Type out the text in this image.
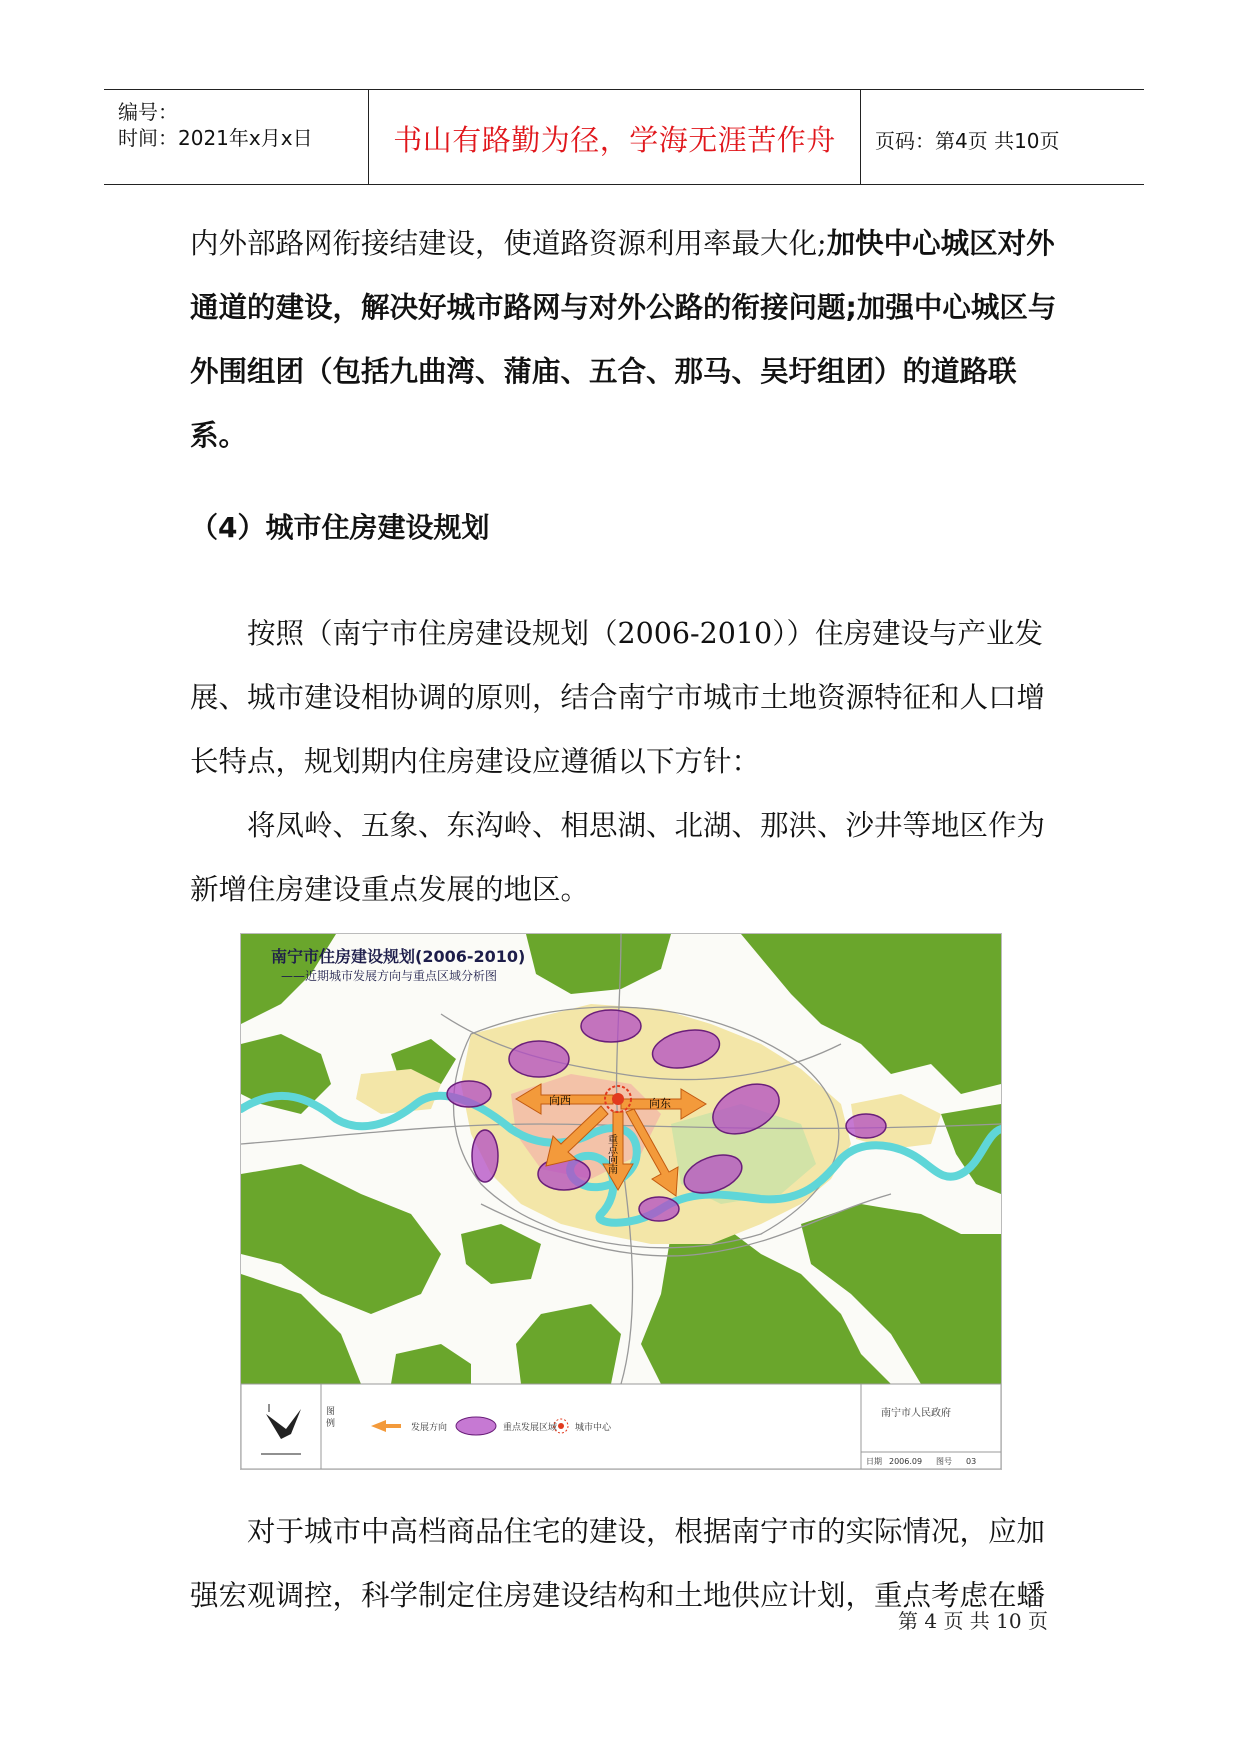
编号：
时间：2021年x月x日	书山有路勤为径，学海无涯苦作舟	页码：第4页 共10页

内外部路网衔接结建设，使道路资源利用率最大化;加快中心城区对外通道的建设，解决好城市路网与对外公路的衔接问题;加强中心城区与外围组团（包括九曲湾、蒲庙、五合、那马、吴圩组团）的道路联系。

（4）城市住房建设规划

按照（南宁市住房建设规划（2006-2010））住房建设与产业发展、城市建设相协调的原则，结合南宁市城市土地资源特征和人口增长特点，规划期内住房建设应遵循以下方针：

将凤岭、五象、东沟岭、相思湖、北湖、那洪、沙井等地区作为新增住房建设重点发展的地区。

向西	向东
重点向南
南宁市住房建设规划(2006-2010)
——近期城市发展方向与重点区域分析图
图 例
发展方向	重点发展区域 城市中心
南宁市人民政府
日期 2006.09 图号 03

对于城市中高档商品住宅的建设，根据南宁市的实际情况，应加强宏观调控，科学制定住房建设结构和土地供应计划，重点考虑在蟠

第 4 页 共 10 页
